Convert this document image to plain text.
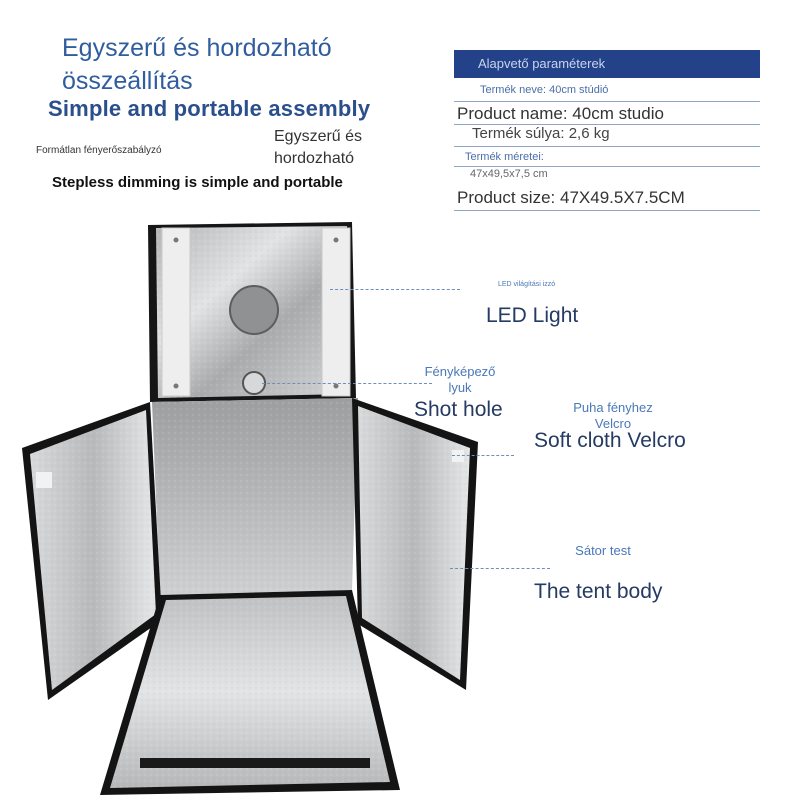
Egyszerű és hordozható összeállítás
Simple and portable assembly
Egyszerű és hordozható
Formátlan fényerőszabályzó
Stepless dimming is simple and portable
Alapvető paraméterek
Termék neve: 40cm stúdió
Product name: 40cm studio
Termék súlya: 2,6 kg
Termék méretei:
47x49,5x7,5 cm
Product size: 47X49.5X7.5CM
LED világítási izzó
LED Light
Fényképező lyuk
Shot hole	Puha fényhez Velcro
Soft cloth Velcro
Sátor test
The tent body
